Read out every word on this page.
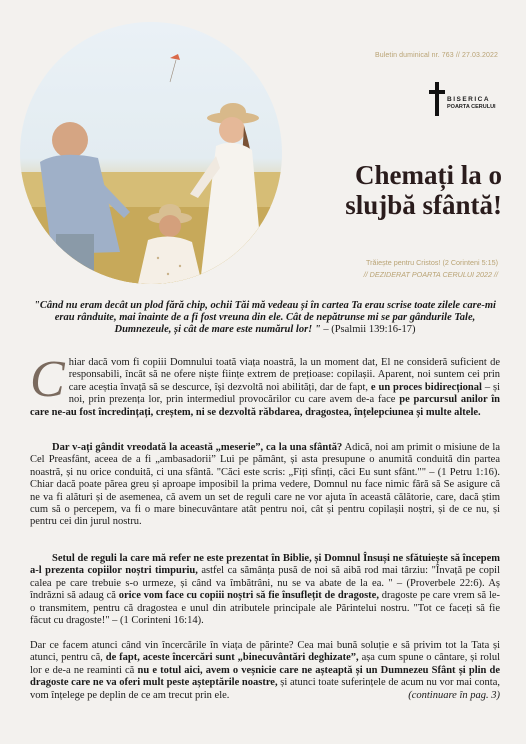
Buletin duminical nr. 763 // 27.03.2022
BISERICA
POARTA CERULUI
Chemați la o slujbă sfântă!
Trăiește pentru Cristos! (2 Corinteni 5:15)
// DEZIDERAT POARTA CERULUI 2022 //
"Când nu eram decât un plod fără chip, ochii Tăi mă vedeau și în cartea Ta erau scrise toate zilele care-mi erau rânduite, mai înainte de a fi fost vreuna din ele. Cât de nepătrunse mi se par gândurile Tale, Dumnezeule, și cât de mare este numărul lor! " – (Psalmii 139:16-17)

Chiar dacă vom fi copiii Domnului toată viața noastră, la un moment dat, El ne consideră suficient de responsabili, încât să ne ofere niște ființe extrem de prețioase: copilașii. Aparent, noi suntem cei prin care aceștia învață să se descurce, își dezvoltă noi abilități, dar de fapt, e un proces bidirecțional – și noi, prin prezența lor, prin intermediul provocărilor cu care avem de-a face pe parcursul anilor în care ne-au fost încredințați, creștem, ni se dezvoltă răbdarea, dragostea, înțelepciunea și multe altele.

Dar v-ați gândit vreodată la această „meserie”, ca la una sfântă? Adică, noi am primit o misiune de la Cel Preasfânt, aceea de a fi „ambasadorii” Lui pe pământ, și asta presupune o anumită conduită din partea noastră, și nu orice conduită, ci una sfântă. "Căci este scris: „Fiți sfinți, căci Eu sunt sfânt."" – (1 Petru 1:16). Chiar dacă poate părea greu și aproape imposibil la prima vedere, Domnul nu face nimic fără să Se asigure că ne va fi alături și de asemenea, că avem un set de reguli care ne vor ajuta în această călătorie, care, dacă știm cum să o percepem, va fi o mare binecuvântare atât pentru noi, cât și pentru copilașii noștri, și de ce nu, și pentru cei din jurul nostru.

Setul de reguli la care mă refer ne este prezentat în Biblie, și Domnul Însuși ne sfătuiește să începem a-l prezenta copiilor noștri timpuriu, astfel ca sămânța pusă de noi să aibă rod mai târziu: "Învață pe copil calea pe care trebuie s-o urmeze, și când va îmbătrâni, nu se va abate de la ea. " – (Proverbele 22:6). Aș îndrăzni să adaug că orice vom face cu copiii noștri să fie însuflețit de dragoste, dragoste pe care vrem să le-o transmitem, pentru că dragostea e unul din atributele principale ale Părintelui nostru. "Tot ce faceți să fie făcut cu dragoste!" – (1 Corinteni 16:14).

Dar ce facem atunci când vin încercările în viața de părinte? Cea mai bună soluție e să privim tot la Tata și atunci, pentru că, de fapt, aceste încercări sunt „binecuvântări deghizate”, așa cum spune o cântare, și rolul lor e de-a ne reaminti că nu e totul aici, avem o veșnicie care ne așteaptă și un Dumnezeu Sfânt și plin de dragoste care ne va oferi mult peste așteptările noastre, și atunci toate suferințele de acum nu vor mai conta, vom înțelege pe deplin de ce am trecut prin ele.	(continuare în pag. 3)
